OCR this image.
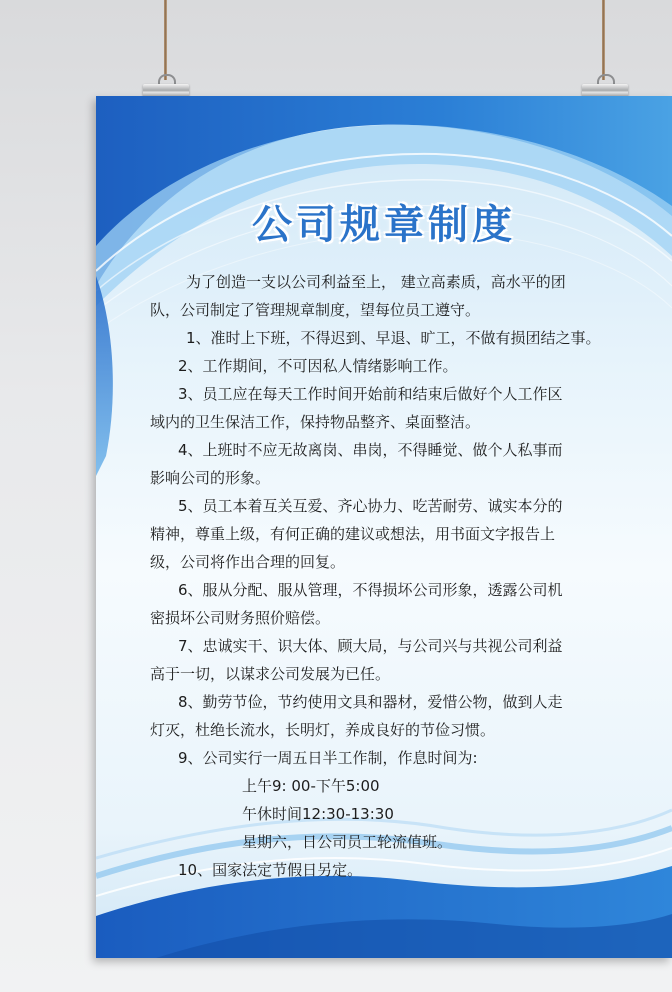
公司规章制度
为了创造一支以公司利益至上， 建立高素质，高水平的团
队，公司制定了管理规章制度，望每位员工遵守。
1、准时上下班，不得迟到、早退、旷工，不做有损团结之事。
2、工作期间，不可因私人情绪影响工作。
3、员工应在每天工作时间开始前和结束后做好个人工作区
域内的卫生保洁工作，保持物品整齐、桌面整洁。
4、上班时不应无故离岗、串岗，不得睡觉、做个人私事而
影响公司的形象。
5、员工本着互关互爱、齐心协力、吃苦耐劳、诚实本分的
精神，尊重上级，有何正确的建议或想法，用书面文字报告上
级，公司将作出合理的回复。
6、服从分配、服从管理，不得损坏公司形象，透露公司机
密损坏公司财务照价赔偿。
7、忠诚实干、识大体、顾大局，与公司兴与共视公司利益
高于一切，以谋求公司发展为已任。
8、勤劳节俭，节约使用文具和器材，爱惜公物，做到人走
灯灭，杜绝长流水，长明灯，养成良好的节俭习惯。
9、公司实行一周五日半工作制，作息时间为:
上午9: 00-下午5:00
午休时间12:30-13:30
星期六，日公司员工轮流值班。
10、国家法定节假日另定。
